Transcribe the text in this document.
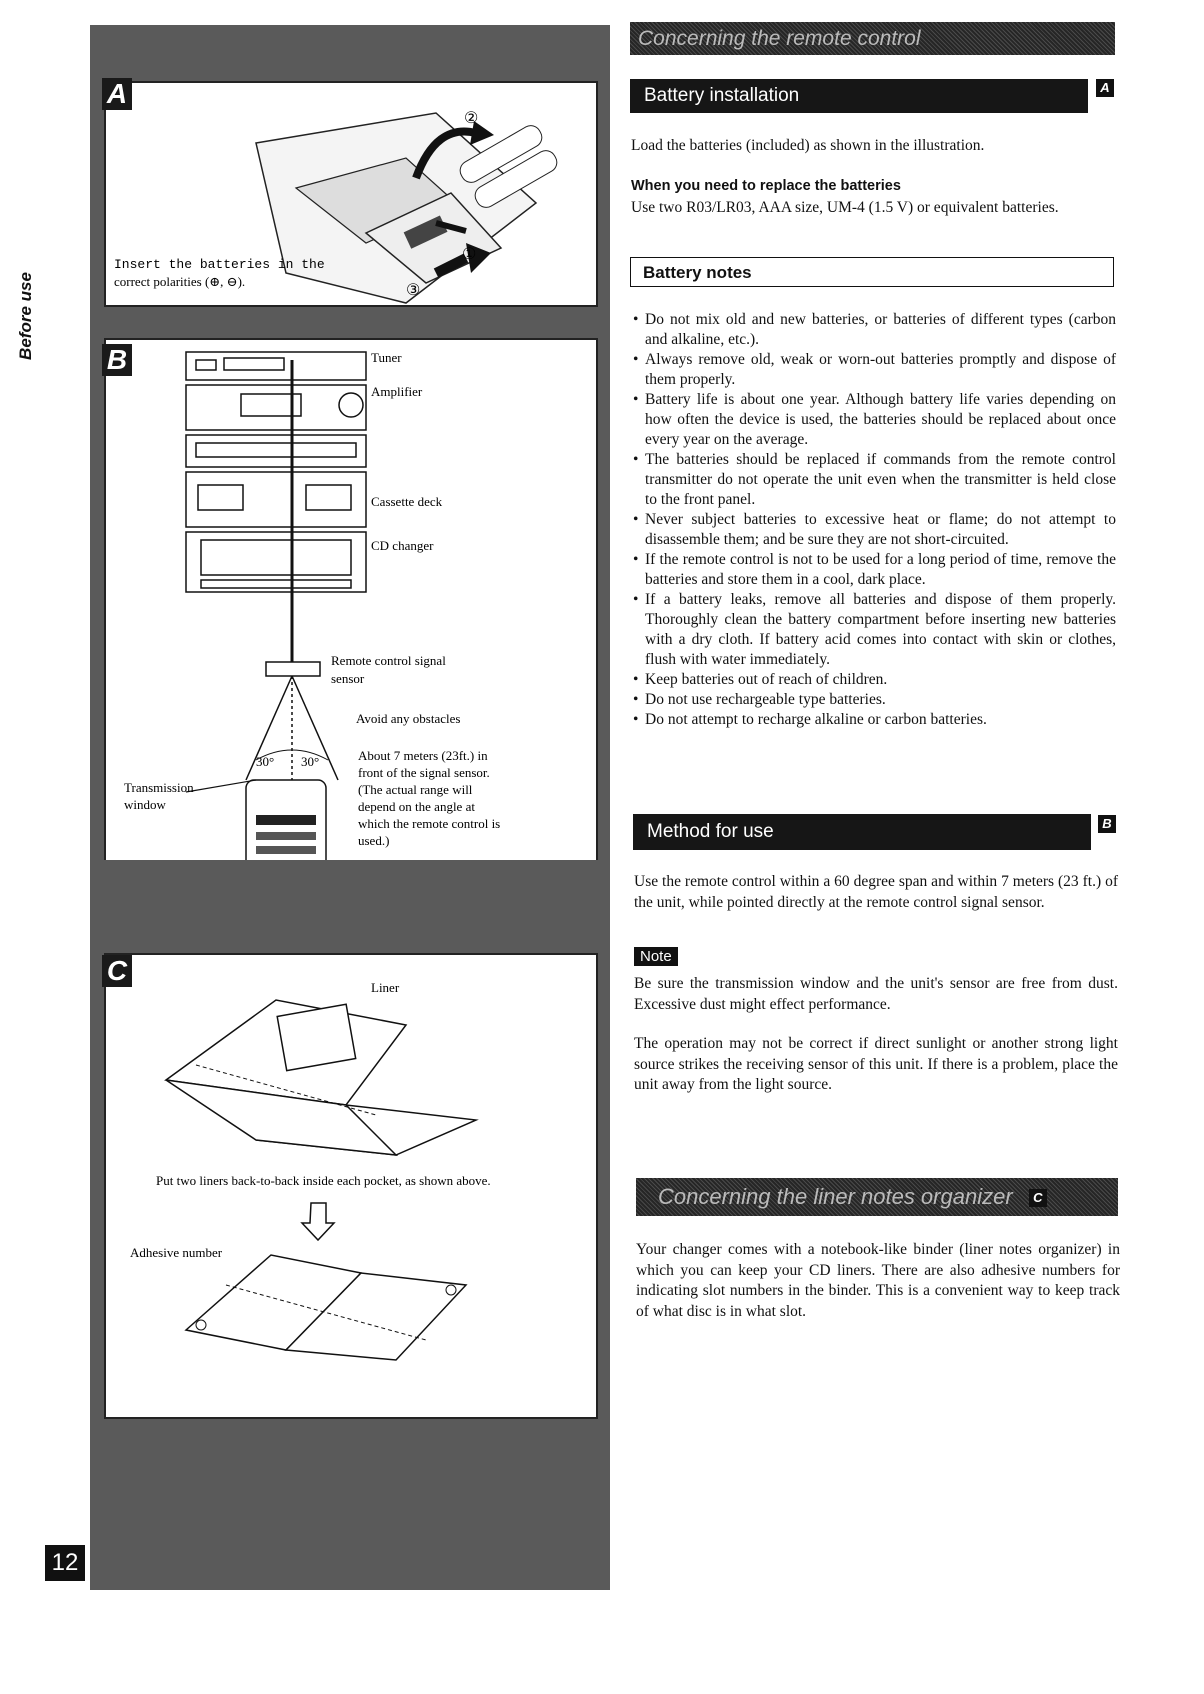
Before use
12
②
①
③
Insert the batteries in the
correct polarities (⊕, ⊖).
A
Tuner
Amplifier
Cassette deck
CD changer
Remote control signal
sensor
Avoid any obstacles
30° 30°
Transmission
window
About 7 meters (23ft.) in
front of the signal sensor.
(The actual range will
depend on the angle at
which the remote control is
used.)
B
Liner
Put two liners back-to-back inside each pocket, as shown above.
Adhesive number
C
Concerning the remote control
Battery installation	A
Load the batteries (included) as shown in the illustration.
When you need to replace the batteries
Use two R03/LR03, AAA size, UM-4 (1.5 V) or equivalent batteries.
Battery notes
• Do not mix old and new batteries, or batteries of different types (carbon and alkaline, etc.).
• Always remove old, weak or worn-out batteries promptly and dispose of them properly.
• Battery life is about one year. Although battery life varies depending on how often the device is used, the batteries should be replaced about once every year on the average.
• The batteries should be replaced if commands from the remote control transmitter do not operate the unit even when the transmitter is held close to the front panel.
• Never subject batteries to excessive heat or flame; do not attempt to disassemble them; and be sure they are not short-circuited.
• If the remote control is not to be used for a long period of time, remove the batteries and store them in a cool, dark place.
• If a battery leaks, remove all batteries and dispose of them properly. Thoroughly clean the battery compartment before inserting new batteries with a dry cloth. If battery acid comes into contact with skin or clothes, flush with water immediately.
• Keep batteries out of reach of children.
• Do not use rechargeable type batteries.
• Do not attempt to recharge alkaline or carbon batteries.
Method for use	B
Use the remote control within a 60 degree span and within 7 meters (23 ft.) of the unit, while pointed directly at the remote control signal sensor.
Note
Be sure the transmission window and the unit's sensor are free from dust. Excessive dust might effect performance.
The operation may not be correct if direct sunlight or another strong light source strikes the receiving sensor of this unit. If there is a problem, place the unit away from the light source.
Concerning the liner notes organizer C
Your changer comes with a notebook-like binder (liner notes organizer) in which you can keep your CD liners. There are also adhesive numbers for indicating slot numbers in the binder. This is a convenient way to keep track of what disc is in what slot.
